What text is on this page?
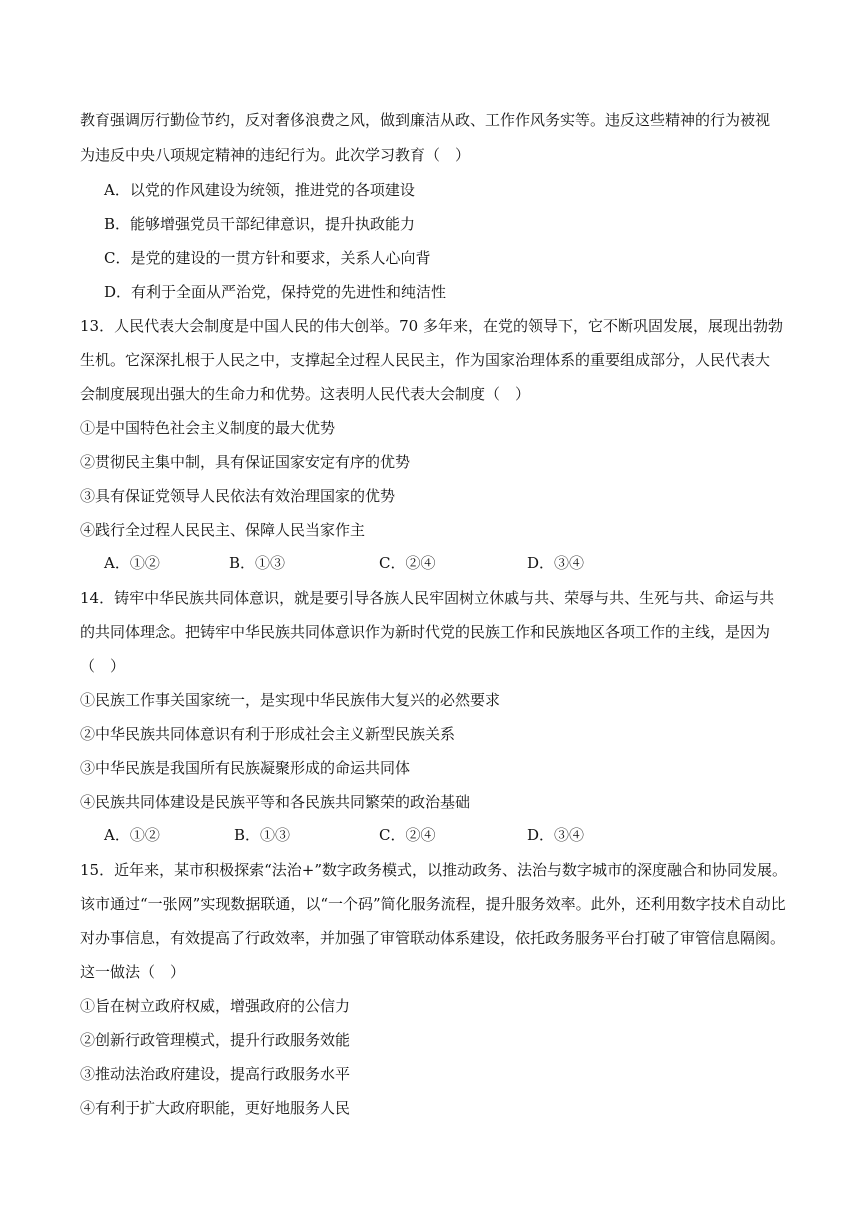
教育强调厉行勤俭节约，反对奢侈浪费之风，做到廉洁从政、工作作风务实等。违反这些精神的行为被视
为违反中央八项规定精神的违纪行为。此次学习教育（　）
A．以党的作风建设为统领，推进党的各项建设
B．能够增强党员干部纪律意识，提升执政能力
C．是党的建设的一贯方针和要求，关系人心向背
D．有利于全面从严治党，保持党的先进性和纯洁性
13．人民代表大会制度是中国人民的伟大创举。70 多年来，在党的领导下，它不断巩固发展，展现出勃勃
生机。它深深扎根于人民之中，支撑起全过程人民民主，作为国家治理体系的重要组成部分，人民代表大
会制度展现出强大的生命力和优势。这表明人民代表大会制度（　）
①是中国特色社会主义制度的最大优势
②贯彻民主集中制，具有保证国家安定有序的优势
③具有保证党领导人民依法有效治理国家的优势
④践行全过程人民民主、保障人民当家作主
A．①②	B．①③	C．②④	D．③④
14．铸牢中华民族共同体意识，就是要引导各族人民牢固树立休戚与共、荣辱与共、生死与共、命运与共
的共同体理念。把铸牢中华民族共同体意识作为新时代党的民族工作和民族地区各项工作的主线，是因为
（　）
①民族工作事关国家统一，是实现中华民族伟大复兴的必然要求
②中华民族共同体意识有利于形成社会主义新型民族关系
③中华民族是我国所有民族凝聚形成的命运共同体
④民族共同体建设是民族平等和各民族共同繁荣的政治基础
A．①②	B．①③	C．②④	D．③④
15．近年来，某市积极探索“法治+”数字政务模式，以推动政务、法治与数字城市的深度融合和协同发展。
该市通过“一张网”实现数据联通，以“一个码”简化服务流程，提升服务效率。此外，还利用数字技术自动比
对办事信息，有效提高了行政效率，并加强了审管联动体系建设，依托政务服务平台打破了审管信息隔阂。
这一做法（　）
①旨在树立政府权威，增强政府的公信力
②创新行政管理模式，提升行政服务效能
③推动法治政府建设，提高行政服务水平
④有利于扩大政府职能，更好地服务人民
